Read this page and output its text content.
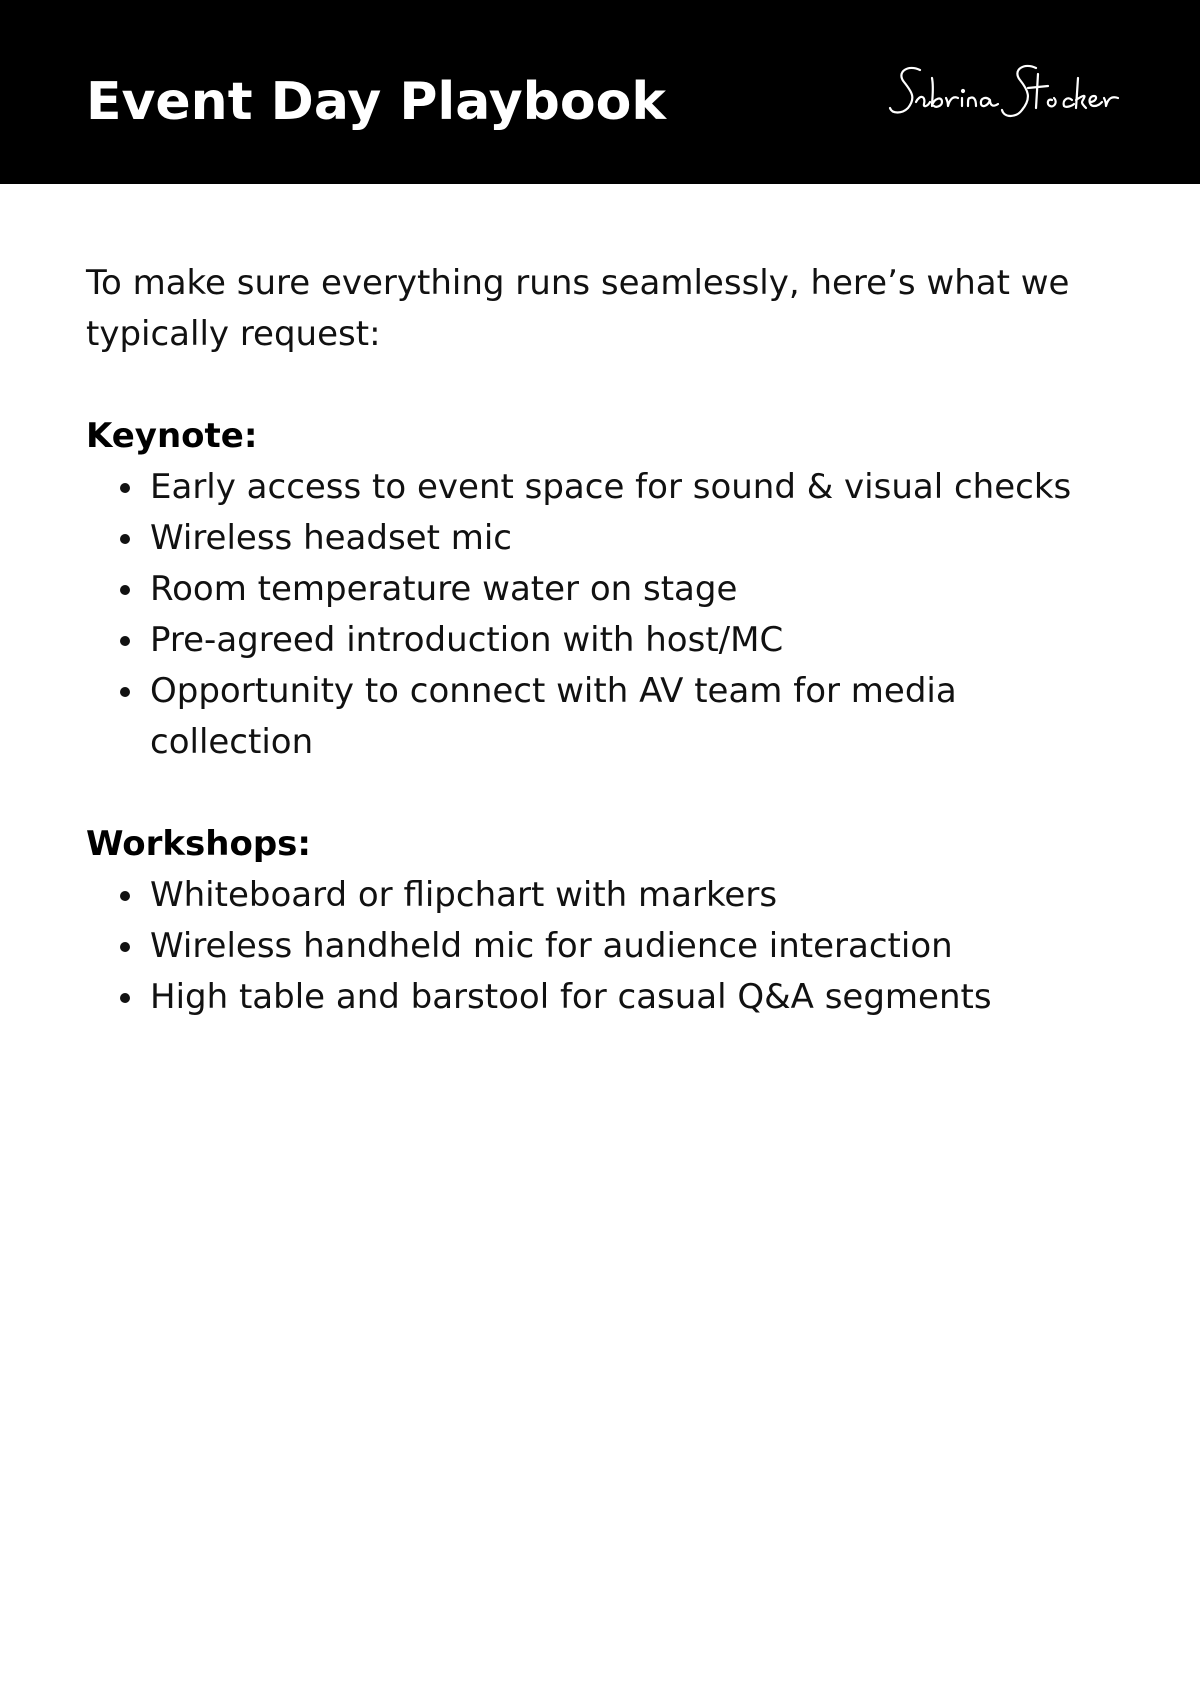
Event Day Playbook

To make sure everything runs seamlessly, here’s what we typically request:

Keynote:

Early access to event space for sound & visual checks
Wireless headset mic
Room temperature water on stage
Pre-agreed introduction with host/MC
Opportunity to connect with AV team for media collection

Workshops:

Whiteboard or flipchart with markers
Wireless handheld mic for audience interaction
High table and barstool for casual Q&A segments
